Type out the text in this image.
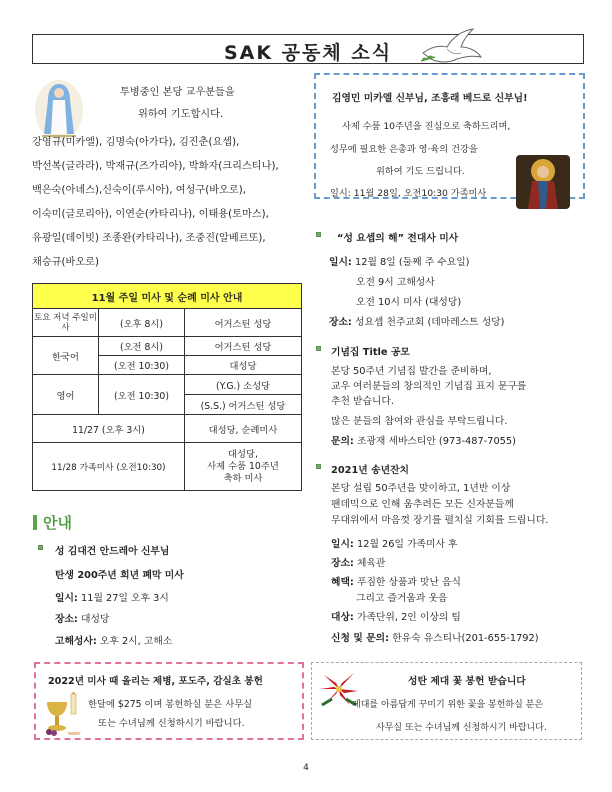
SAK 공동체 소식
투병중인 본당 교우분들을
위하여 기도합시다.
강영규(미카엘), 김명숙(아가다), 김진춘(요셉),
박선복(글라라), 박재규(즈가리아), 박화자(크리스티나),
백은숙(아녜스),신숙이(루시아), 여성구(바오로),
이숙미(글로리아), 이연순(카타리나), 이태용(토마스),
유광일(데이빗) 조종완(카타리나), 조중진(알베르또),
채승규(바오로)
11월 주일 미사 및 순례 미사 안내		
토요 저녁 주일미사	(오후 8시)	어거스틴 성당
한국어	(오전 8시)	어거스틴 성당
	(오전 10:30)	대성당
영어	(오전 10:30)	(Y.G.) 소성당
		(S.S.) 어거스틴 성당
11/27 (오후 3시)		대성당, 순례미사
11/28 가족미사 (오전10:30)		대성당,
사제 수품 10주년
축하 미사
안내
성 김대건 안드레아 신부님
탄생 200주년 희년 폐막 미사
일시: 11월 27일 오후 3시
장소: 대성당
고해성사: 오후 2시, 고해소
김영민 미카엘 신부님, 조흥래 베드로 신부님!
사제 수품 10주년을 진심으로 축하드리며,
성무에 필요한 은총과 영·육의 건강을
위하여 기도 드립니다.
일시: 11월 28일, 오전10:30 가족미사
“성 요셉의 해” 전대사 미사
일시: 12월 8일 (둘째 주 수요일)
오전 9시 고해성사
오전 10시 미사 (대성당)
장소: 성요셉 천주교회 (데마레스트 성당)
기념집 Title 공모
본당 50주년 기념집 발간을 준비하며,
교우 여러분들의 창의적인 기념집 표지 문구를
추천 받습니다.
많은 분들의 참여와 관심을 부탁드립니다.
문의: 조광재 세바스티안 (973-487-7055)
2021년 송년잔치
본당 설립 50주년을 맞이하고, 1년반 이상
팬데믹으로 인해 움추려든 모든 신자분들께
무대위에서 마음껏 장기를 펼치실 기회를 드립니다.
일시: 12월 26일 가족미사 후
장소: 체육관
혜택: 푸짐한 상품과 맛난 음식
그리고 즐거움과 웃음
대상: 가족단위, 2인 이상의 팀
신청 및 문의: 한유숙 유스티나(201-655-1792)
2022년 미사 때 올리는 제병, 포도주, 감실초 봉헌
한달에 $275 이며 봉헌하실 분은 사무실
또는 수녀님께 신청하시기 바랍니다.
성탄 제대 꽃 봉헌 받습니다
제대를 아름답게 꾸미기 위한 꽃을 봉헌하실 분은
사무실 또는 수녀님께 신청하시기 바랍니다.
4
